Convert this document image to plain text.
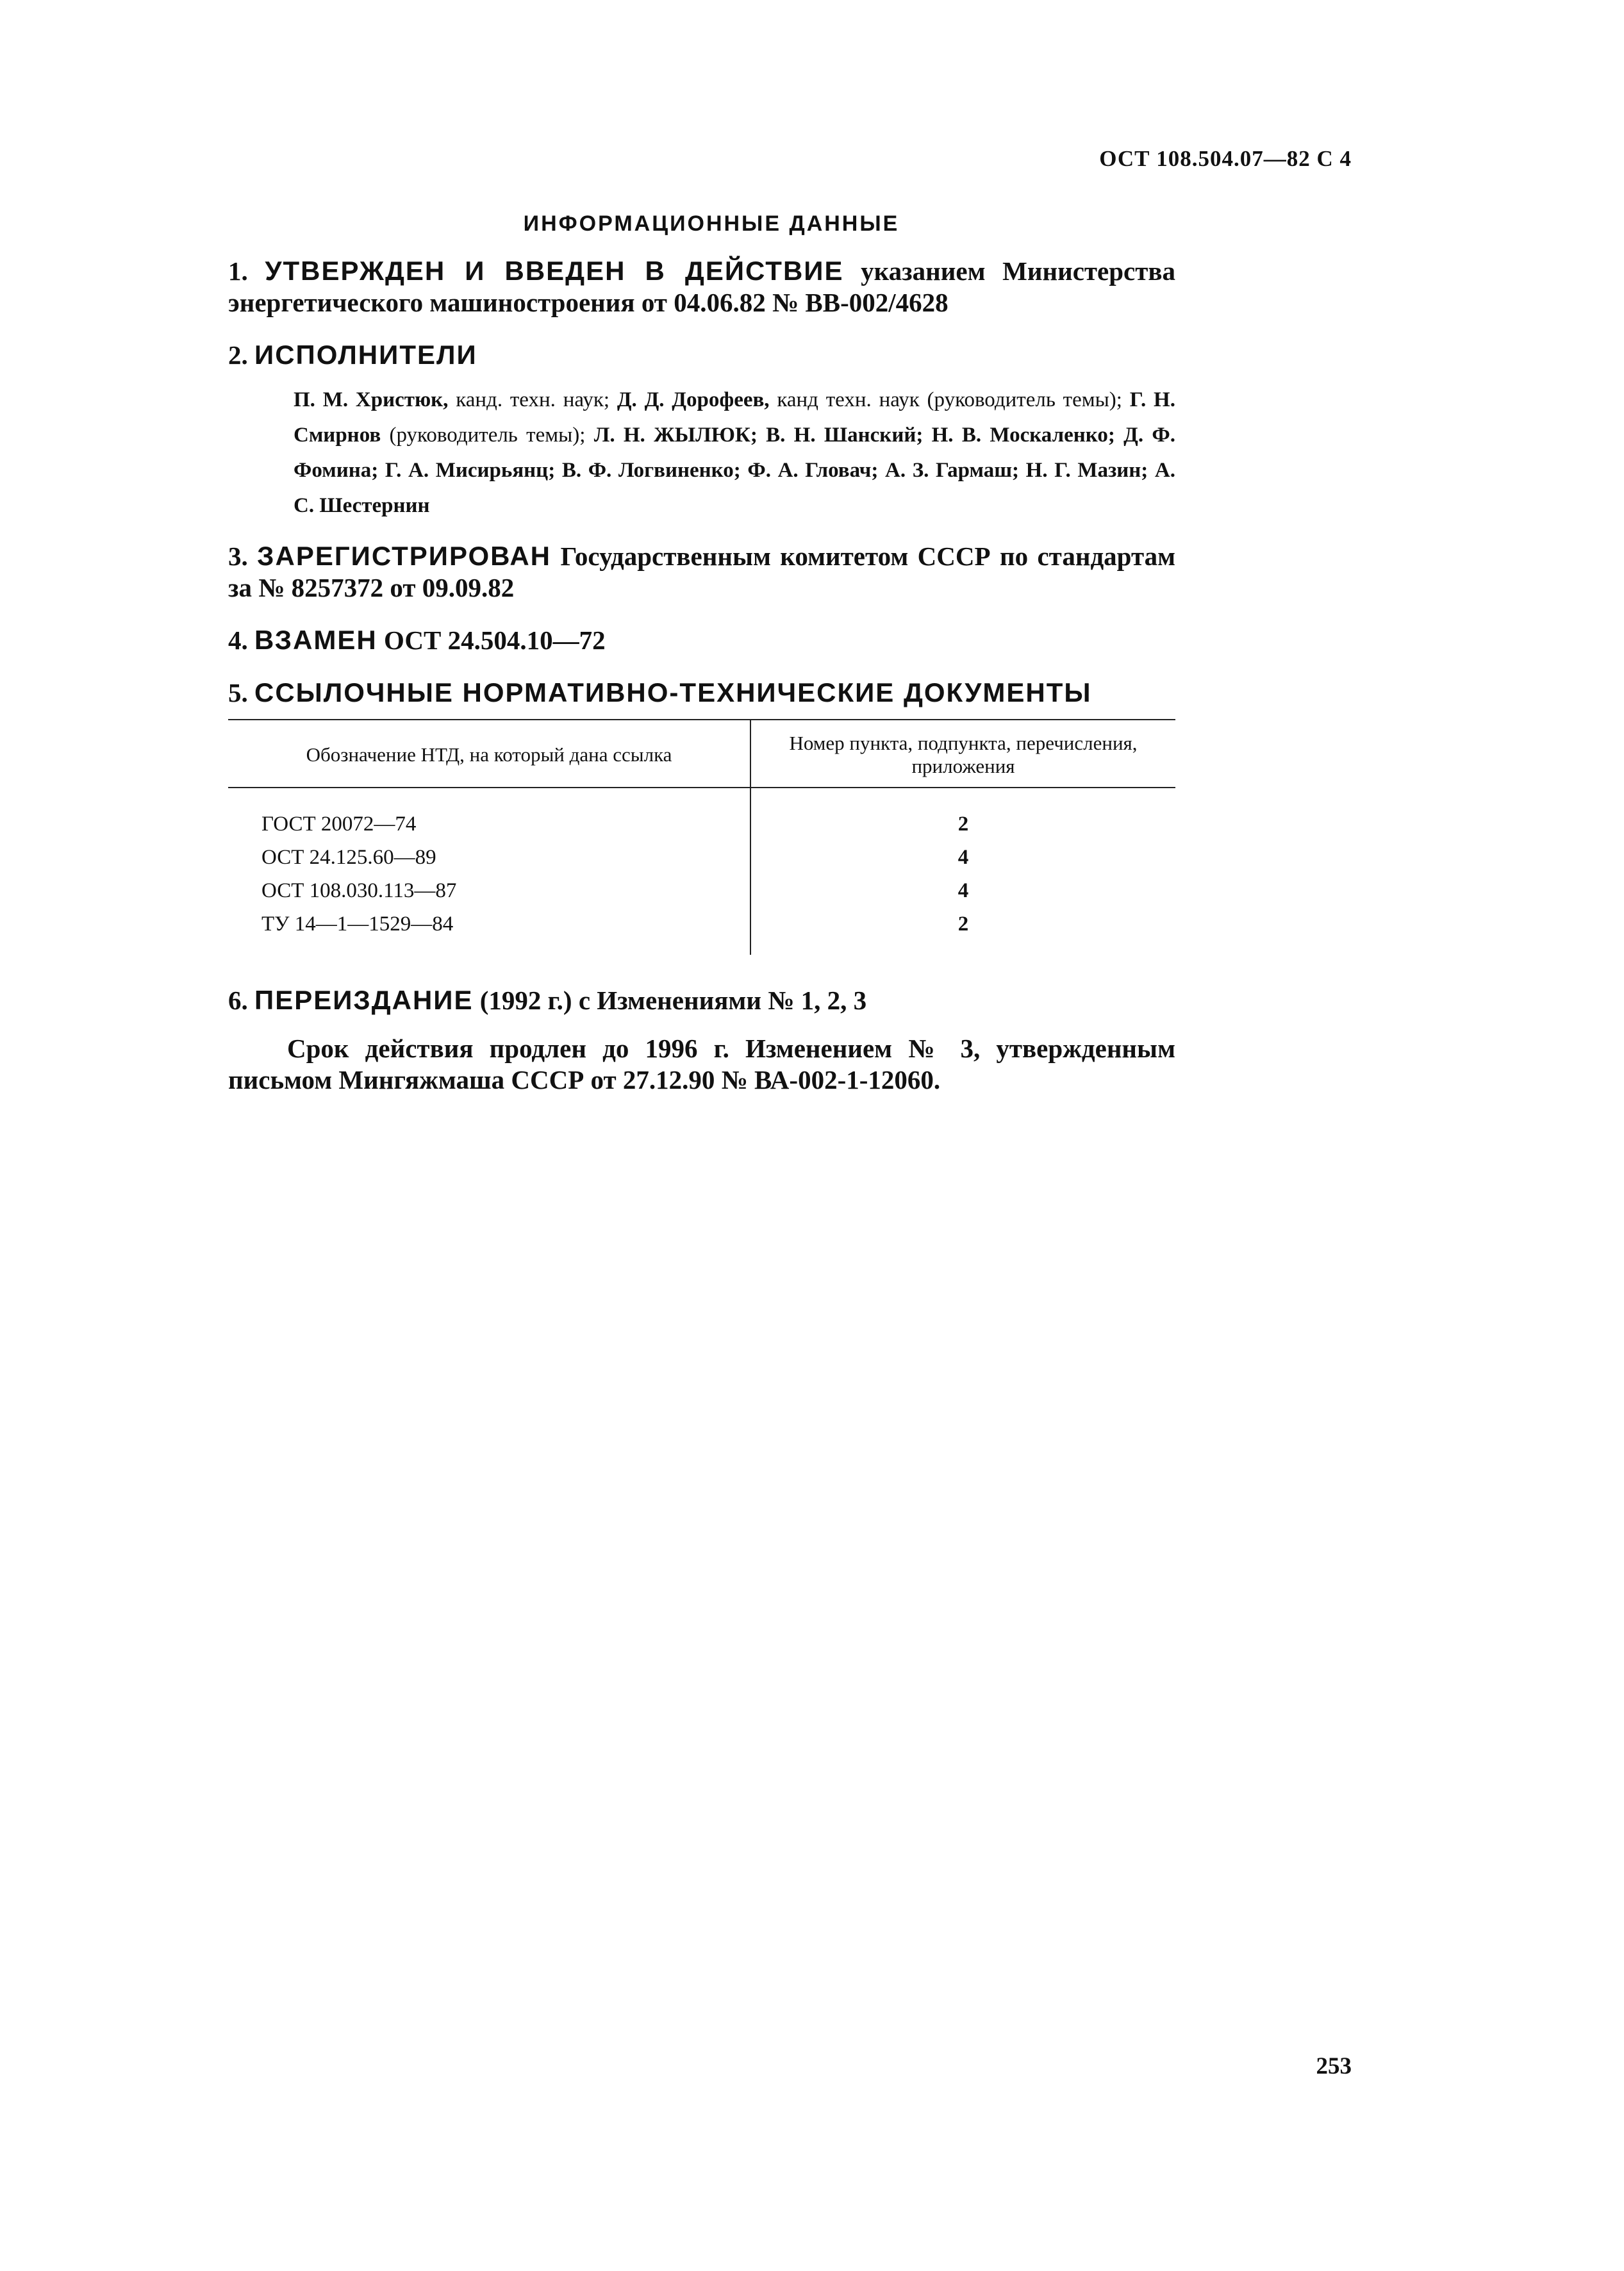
ОСТ 108.504.07—82 С 4
ИНФОРМАЦИОННЫЕ ДАННЫЕ
1. УТВЕРЖДЕН И ВВЕДЕН В ДЕЙСТВИЕ указанием Министерства энергетического машиностроения от 04.06.82 № ВВ-002/4628
2. ИСПОЛНИТЕЛИ
П. М. Христюк, канд. техн. наук; Д. Д. Дорофеев, канд техн. наук (руководитель темы); Г. Н. Смирнов (руководитель темы); Л. Н. ЖЫЛЮК; В. Н. Шанский; Н. В. Москаленко; Д. Ф. Фомина; Г. А. Мисирьянц; В. Ф. Логвиненко; Ф. А. Гловач; А. З. Гармаш; Н. Г. Мазин; А. С. Шестернин
3. ЗАРЕГИСТРИРОВАН Государственным комитетом СССР по стандартам за № 8257372 от 09.09.82
4. ВЗАМЕН ОСТ 24.504.10—72
5. ССЫЛОЧНЫЕ НОРМАТИВНО-ТЕХНИЧЕСКИЕ ДОКУМЕНТЫ
Обозначение НТД, на который дана ссылка	Номер пункта, подпункта, перечисления, приложения
ГОСТ 20072—74	2
ОСТ 24.125.60—89	4
ОСТ 108.030.113—87	4
ТУ 14—1—1529—84	2
6. ПЕРЕИЗДАНИЕ (1992 г.) с Изменениями № 1, 2, 3
Срок действия продлен до 1996 г. Изменением № 3, утвержденным письмом Мингяжмаша СССР от 27.12.90 № ВА-002-1-12060.
253
